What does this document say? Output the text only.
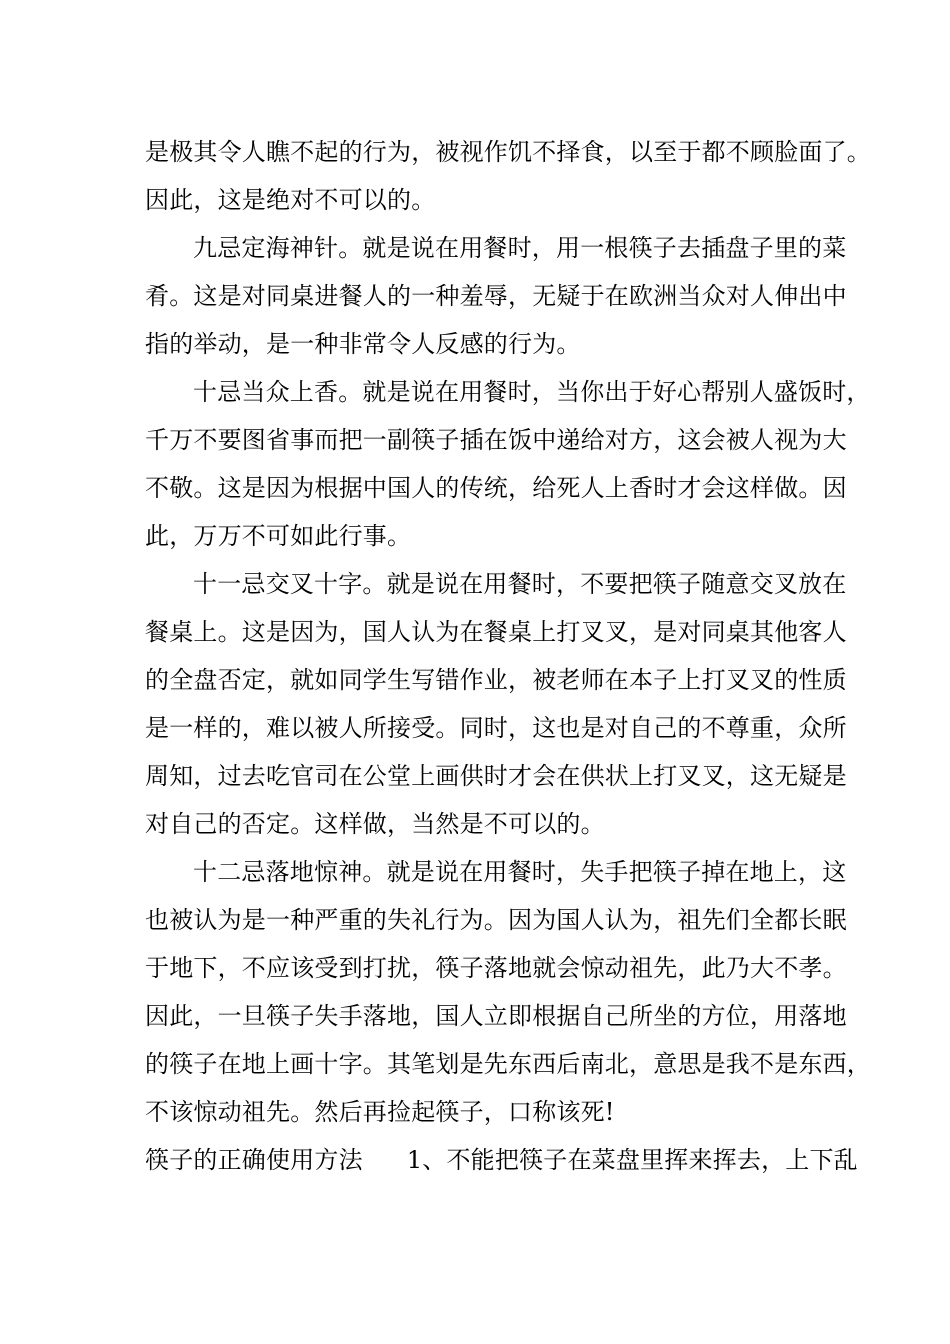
是极其令人瞧不起的行为，被视作饥不择食，以至于都不顾脸面了。
因此，这是绝对不可以的。
九忌定海神针。就是说在用餐时，用一根筷子去插盘子里的菜
肴。这是对同桌进餐人的一种羞辱，无疑于在欧洲当众对人伸出中
指的举动，是一种非常令人反感的行为。
十忌当众上香。就是说在用餐时，当你出于好心帮别人盛饭时，
千万不要图省事而把一副筷子插在饭中递给对方，这会被人视为大
不敬。这是因为根据中国人的传统，给死人上香时才会这样做。因
此，万万不可如此行事。
十一忌交叉十字。就是说在用餐时，不要把筷子随意交叉放在
餐桌上。这是因为，国人认为在餐桌上打叉叉，是对同桌其他客人
的全盘否定，就如同学生写错作业，被老师在本子上打叉叉的性质
是一样的，难以被人所接受。同时，这也是对自己的不尊重，众所
周知，过去吃官司在公堂上画供时才会在供状上打叉叉，这无疑是
对自己的否定。这样做，当然是不可以的。
十二忌落地惊神。就是说在用餐时，失手把筷子掉在地上，这
也被认为是一种严重的失礼行为。因为国人认为，祖先们全都长眠
于地下，不应该受到打扰，筷子落地就会惊动祖先，此乃大不孝。
因此，一旦筷子失手落地，国人立即根据自己所坐的方位，用落地
的筷子在地上画十字。其笔划是先东西后南北，意思是我不是东西，
不该惊动祖先。然后再捡起筷子，口称该死!
筷子的正确使用方法 1、不能把筷子在菜盘里挥来挥去，上下乱
